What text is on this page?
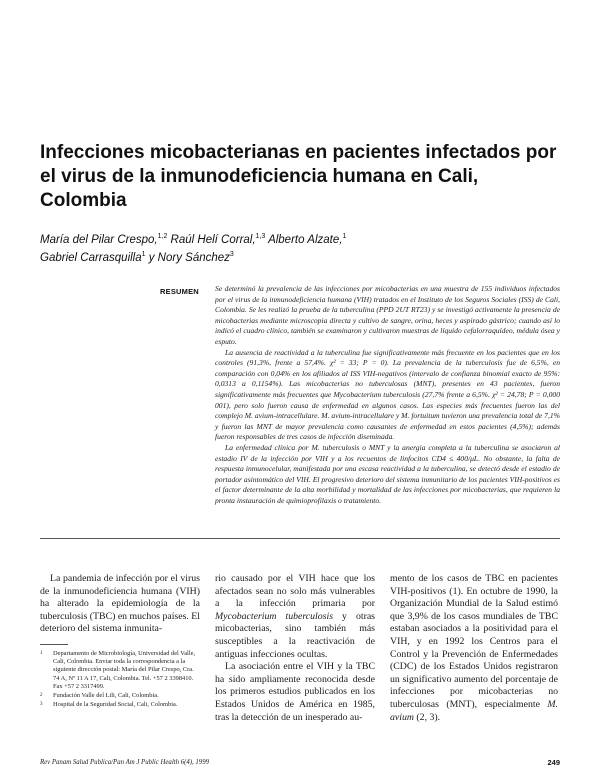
Infecciones micobacterianas en pacientes infectados por el virus de la inmunodeficiencia humana en Cali, Colombia
María del Pilar Crespo,$^{1,2}$ Raúl Helí Corral,$^{1,3}$ Alberto Alzate,$^1$
Gabriel Carrasquilla$^1$ y Nory Sánchez$^3$
RESUMEN Se determinó la prevalencia de las infecciones por micobacterias en una muestra de 155 individuos infectados por el virus de la inmunodeficiencia humana (VIH) tratados en el Instituto de los Seguros Sociales (ISS) de Cali, Colombia. Se les realizó la prueba de la tuberculina (PPD 2UT RT23) y se investigó activamente la presencia de micobacterias mediante microscopia directa y cultivo de sangre, orina, heces y aspirado gástrico; cuando así lo indicó el cuadro clínico, también se examinaron y cultivaron muestras de líquido cefalorraquídeo, médula ósea y esputo.

La ausencia de reactividad a la tuberculina fue significativamente más frecuente en los pacientes que en los controles (91,3%, frente a 57,4%. χ² = 33; P = 0). La prevalencia de la tuberculosis fue de 6,5%, en comparación con 0,04% en los afiliados al ISS VIH-negativos (intervalo de confianza binomial exacto de 95%: 0,0313 a 0,1154%). Las micobacterias no tuberculosas (MNT), presentes en 43 pacientes, fueron significativamente más frecuentes que Mycobacterium tuberculosis (27,7% frente a 6,5%. χ² = 24,78; P = 0,000 001), pero solo fueron causa de enfermedad en algunos casos. Las especies más frecuentes fueron las del complejo M. avium-intracellulare. M. avium-intracellulare y M. fortuitum tuvieron una prevalencia total de 7,1% y fueron las MNT de mayor prevalencia como causantes de enfermedad en estos pacientes (4,5%); además fueron responsables de tres casos de infección diseminada.

La enfermedad clínica por M. tuberculosis o MNT y la anergia completa a la tuberculina se asociaron al estadio IV de la infección por VIH y a los recuentos de linfocitos CD4 ≤ 400/μL. No obstante, la falta de respuesta inmunocelular, manifestada por una escasa reactividad a la tuberculina, se detectó desde el estadio de portador asintomático del VIH. El progresivo deterioro del sistema inmunitario de los pacientes VIH-positivos es el factor determinante de la alta morbilidad y mortalidad de las infecciones por micobacterias, que requieren la pronta instauración de quimioprofilaxis o tratamiento.

La pandemia de infección por el virus de la inmunodeficiencia humana (VIH) ha alterado la epidemiología de la tuberculosis (TBC) en muchos países. El deterioro del sistema inmunita-

rio causado por el VIH hace que los afectados sean no solo más vulnerables a la infección primaria por Mycobacterium tuberculosis y otras micobacterias, sino también más susceptibles a la reactivación de antiguas infecciones ocultas.

La asociación entre el VIH y la TBC ha sido ampliamente reconocida desde los primeros estudios publicados en los Estados Unidos de América en 1985, tras la detección de un inesperado au-

mento de los casos de TBC en pacientes VIH-positivos (1). En octubre de 1990, la Organización Mundial de la Salud estimó que 3,9% de los casos mundiales de TBC estaban asociados a la positividad para el VIH, y en 1992 los Centros para el Control y la Prevención de Enfermedades (CDC) de los Estados Unidos registraron un significativo aumento del porcentaje de infecciones por micobacterias no tuberculosas (MNT), especialmente M. avium (2, 3).

1 Departamento de Microbiología, Universidad del Valle, Cali, Colombia. Enviar toda la correspondencia a la siguiente dirección postal: María del Pilar Crespo, Cra. 74 A, Nº 11 A 17, Cali, Colombia. Tel. +57 2 3398410. Fax +57 2 3317499.
2 Fundación Valle del Lili, Cali, Colombia.
3 Hospital de la Seguridad Social, Cali, Colombia.
Rev Panam Salud Publica/Pan Am J Public Health 6(4), 1999	249
